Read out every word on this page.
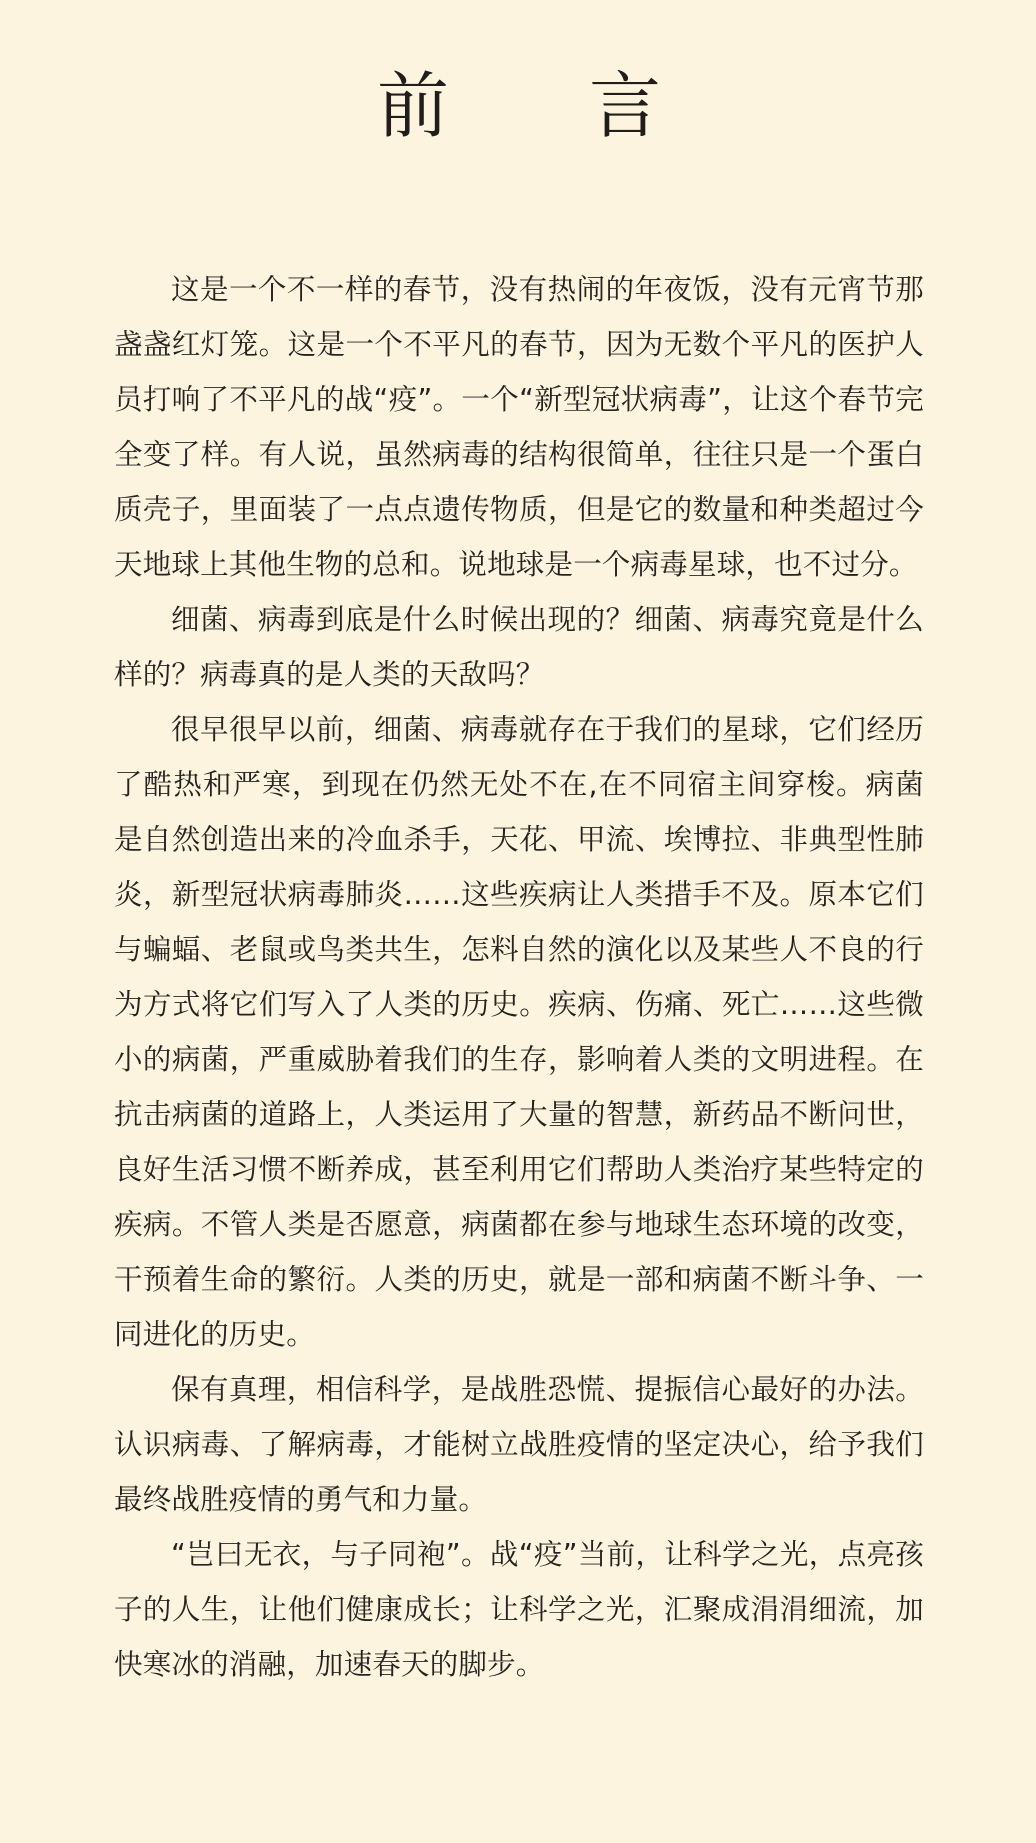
前 言

这是一个不一样的春节，没有热闹的年夜饭，没有元宵节那盏盏红灯笼。这是一个不平凡的春节，因为无数个平凡的医护人员打响了不平凡的战“疫”。一个“新型冠状病毒”，让这个春节完全变了样。有人说，虽然病毒的结构很简单，往往只是一个蛋白质壳子，里面装了一点点遗传物质，但是它的数量和种类超过今天地球上其他生物的总和。说地球是一个病毒星球，也不过分。

细菌、病毒到底是什么时候出现的？细菌、病毒究竟是什么样的？病毒真的是人类的天敌吗？

很早很早以前，细菌、病毒就存在于我们的星球，它们经历了酷热和严寒，到现在仍然无处不在,在不同宿主间穿梭。病菌是自然创造出来的冷血杀手，天花、甲流、埃博拉、非典型性肺炎，新型冠状病毒肺炎……这些疾病让人类措手不及。原本它们与蝙蝠、老鼠或鸟类共生，怎料自然的演化以及某些人不良的行为方式将它们写入了人类的历史。疾病、伤痛、死亡……这些微小的病菌，严重威胁着我们的生存，影响着人类的文明进程。在抗击病菌的道路上，人类运用了大量的智慧，新药品不断问世，良好生活习惯不断养成，甚至利用它们帮助人类治疗某些特定的疾病。不管人类是否愿意，病菌都在参与地球生态环境的改变，干预着生命的繁衍。人类的历史，就是一部和病菌不断斗争、一同进化的历史。

保有真理，相信科学，是战胜恐慌、提振信心最好的办法。认识病毒、了解病毒，才能树立战胜疫情的坚定决心，给予我们最终战胜疫情的勇气和力量。

“岂曰无衣，与子同袍”。战“疫”当前，让科学之光，点亮孩子的人生，让他们健康成长；让科学之光，汇聚成涓涓细流，加快寒冰的消融，加速春天的脚步。
